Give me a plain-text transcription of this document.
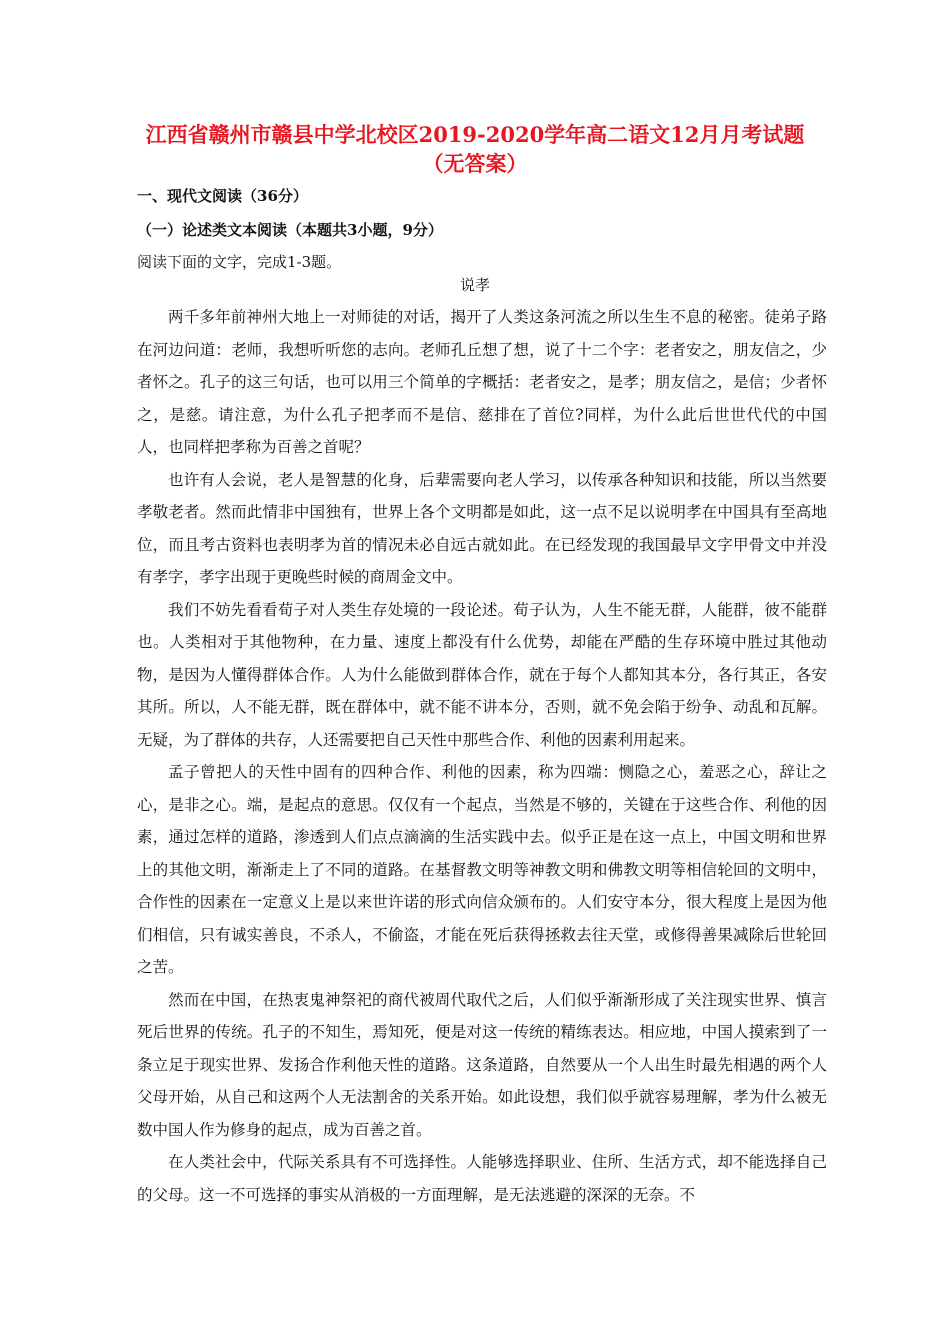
江西省赣州市赣县中学北校区2019-2020学年高二语文12月月考试题
（无答案）
一、现代文阅读（36分）
（一）论述类文本阅读（本题共3小题，9分）
阅读下面的文字，完成1-3题。
说孝

两千多年前神州大地上一对师徒的对话，揭开了人类这条河流之所以生生不息的秘密。徒弟子路在河边问道：老师，我想听听您的志向。老师孔丘想了想，说了十二个字：老者安之，朋友信之，少者怀之。孔子的这三句话，也可以用三个简单的字概括：老者安之，是孝；朋友信之，是信；少者怀之，是慈。请注意，为什么孔子把孝而不是信、慈排在了首位?同样，为什么此后世世代代的中国人，也同样把孝称为百善之首呢？

也许有人会说，老人是智慧的化身，后辈需要向老人学习，以传承各种知识和技能，所以当然要孝敬老者。然而此情非中国独有，世界上各个文明都是如此，这一点不足以说明孝在中国具有至高地位，而且考古资料也表明孝为首的情况未必自远古就如此。在已经发现的我国最早文字甲骨文中并没有孝字，孝字出现于更晚些时候的商周金文中。

我们不妨先看看荀子对人类生存处境的一段论述。荀子认为，人生不能无群，人能群，彼不能群也。人类相对于其他物种，在力量、速度上都没有什么优势，却能在严酷的生存环境中胜过其他动物，是因为人懂得群体合作。人为什么能做到群体合作，就在于每个人都知其本分，各行其正，各安其所。所以，人不能无群，既在群体中，就不能不讲本分，否则，就不免会陷于纷争、动乱和瓦解。无疑，为了群体的共存，人还需要把自己天性中那些合作、利他的因素利用起来。

孟子曾把人的天性中固有的四种合作、利他的因素，称为四端：恻隐之心，羞恶之心，辞让之心，是非之心。端，是起点的意思。仅仅有一个起点，当然是不够的，关键在于这些合作、利他的因素，通过怎样的道路，渗透到人们点点滴滴的生活实践中去。似乎正是在这一点上，中国文明和世界上的其他文明，渐渐走上了不同的道路。在基督教文明等神教文明和佛教文明等相信轮回的文明中，合作性的因素在一定意义上是以来世许诺的形式向信众颁布的。人们安守本分，很大程度上是因为他们相信，只有诚实善良，不杀人，不偷盗，才能在死后获得拯救去往天堂，或修得善果减除后世轮回之苦。

然而在中国，在热衷鬼神祭祀的商代被周代取代之后，人们似乎渐渐形成了关注现实世界、慎言死后世界的传统。孔子的不知生，焉知死，便是对这一传统的精练表达。相应地，中国人摸索到了一条立足于现实世界、发扬合作利他天性的道路。这条道路，自然要从一个人出生时最先相遇的两个人父母开始，从自己和这两个人无法割舍的关系开始。如此设想，我们似乎就容易理解，孝为什么被无数中国人作为修身的起点，成为百善之首。

在人类社会中，代际关系具有不可选择性。人能够选择职业、住所、生活方式，却不能选择自己的父母。这一不可选择的事实从消极的一方面理解，是无法逃避的深深的无奈。不
